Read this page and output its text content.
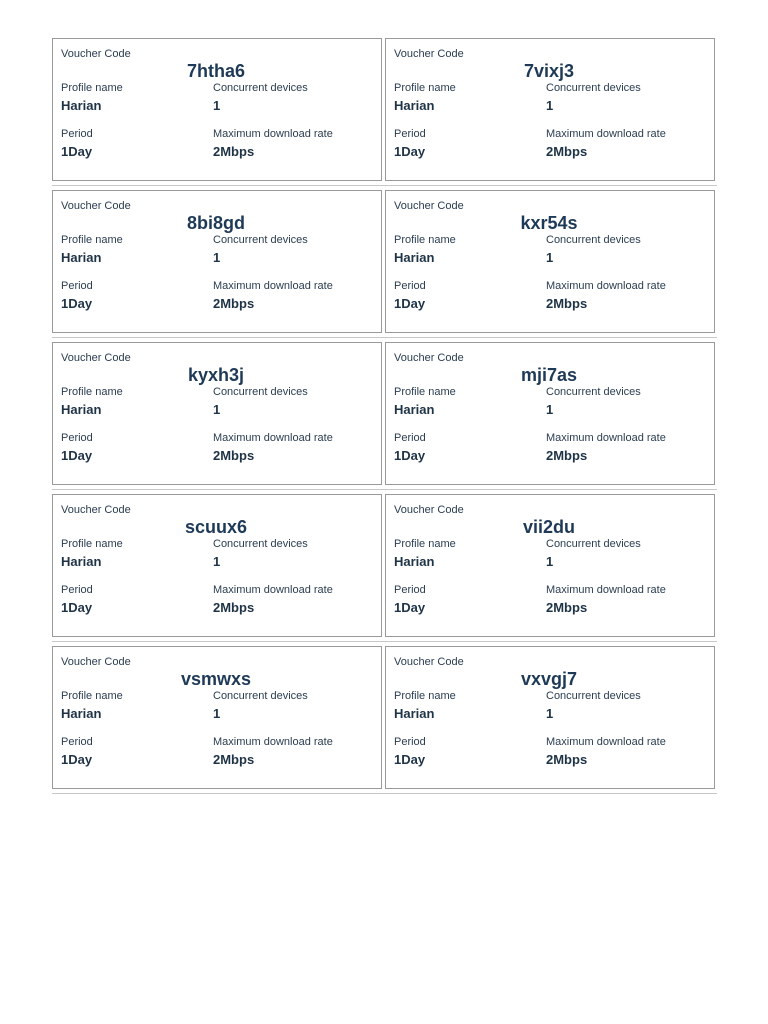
Voucher Code
7htha6
Profile name	Concurrent devices
Harian	1
Period	Maximum download rate
1Day	2Mbps
Voucher Code
7vixj3
Profile name	Concurrent devices
Harian	1
Period	Maximum download rate
1Day	2Mbps
Voucher Code
8bi8gd
Profile name	Concurrent devices
Harian	1
Period	Maximum download rate
1Day	2Mbps
Voucher Code
kxr54s
Profile name	Concurrent devices
Harian	1
Period	Maximum download rate
1Day	2Mbps
Voucher Code
kyxh3j
Profile name	Concurrent devices
Harian	1
Period	Maximum download rate
1Day	2Mbps
Voucher Code
mji7as
Profile name	Concurrent devices
Harian	1
Period	Maximum download rate
1Day	2Mbps
Voucher Code
scuux6
Profile name	Concurrent devices
Harian	1
Period	Maximum download rate
1Day	2Mbps
Voucher Code
vii2du
Profile name	Concurrent devices
Harian	1
Period	Maximum download rate
1Day	2Mbps
Voucher Code
vsmwxs
Profile name	Concurrent devices
Harian	1
Period	Maximum download rate
1Day	2Mbps
Voucher Code
vxvgj7
Profile name	Concurrent devices
Harian	1
Period	Maximum download rate
1Day	2Mbps
